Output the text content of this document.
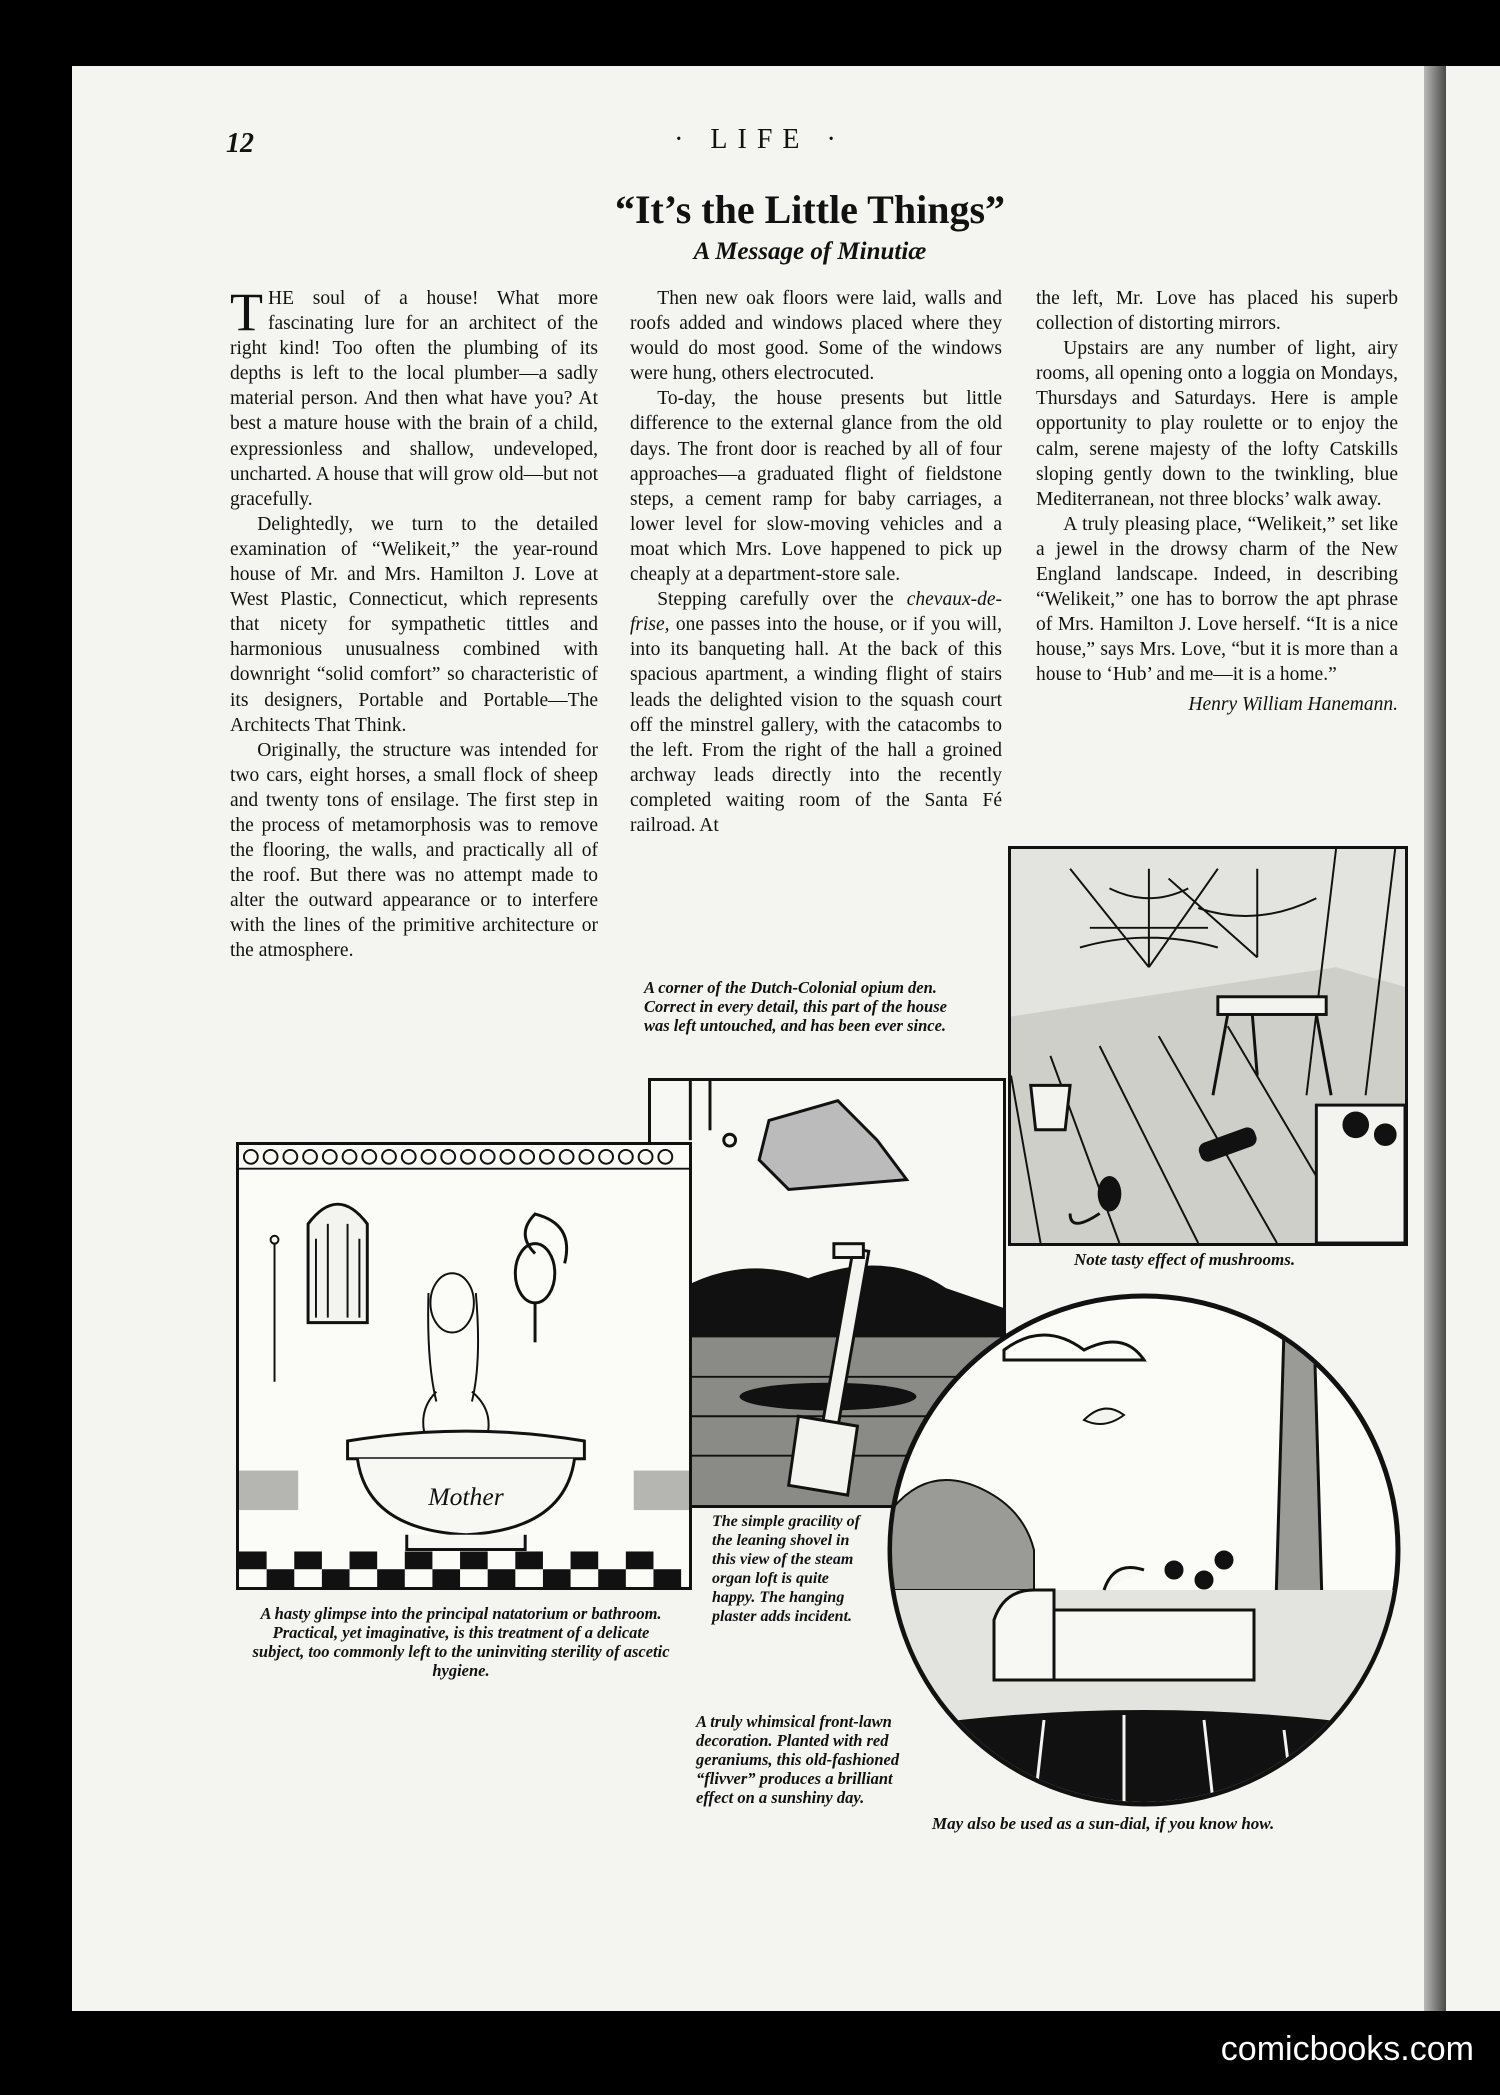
12	· LIFE ·
“It’s the Little Things”
A Message of Minutiæ

THE soul of a house! What more fascinating lure for an architect of the right kind! Too often the plumbing of its depths is left to the local plumber—a sadly material person. And then what have you? At best a mature house with the brain of a child, expressionless and shallow, undeveloped, uncharted. A house that will grow old—but not gracefully.

Delightedly, we turn to the detailed examination of “Welikeit,” the year-round house of Mr. and Mrs. Hamilton J. Love at West Plastic, Connecticut, which represents that nicety for sympathetic tittles and harmonious unusualness combined with downright “solid comfort” so characteristic of its designers, Portable and Portable—The Architects That Think.

Originally, the structure was intended for two cars, eight horses, a small flock of sheep and twenty tons of ensilage. The first step in the process of metamorphosis was to remove the flooring, the walls, and practically all of the roof. But there was no attempt made to alter the outward appearance or to interfere with the lines of the primitive architecture or the atmosphere.

Then new oak floors were laid, walls and roofs added and windows placed where they would do most good. Some of the windows were hung, others electrocuted.

To-day, the house presents but little difference to the external glance from the old days. The front door is reached by all of four approaches—a graduated flight of fieldstone steps, a cement ramp for baby carriages, a lower level for slow-moving vehicles and a moat which Mrs. Love happened to pick up cheaply at a department-store sale.

Stepping carefully over the chevaux-de-frise, one passes into the house, or if you will, into its banqueting hall. At the back of this spacious apartment, a winding flight of stairs leads the delighted vision to the squash court off the minstrel gallery, with the catacombs to the left. From the right of the hall a groined archway leads directly into the recently completed waiting room of the Santa Fé railroad. At

the left, Mr. Love has placed his superb collection of distorting mirrors.

Upstairs are any number of light, airy rooms, all opening onto a loggia on Mondays, Thursdays and Saturdays. Here is ample opportunity to play roulette or to enjoy the calm, serene majesty of the lofty Catskills sloping gently down to the twinkling, blue Mediterranean, not three blocks’ walk away.

A truly pleasing place, “Welikeit,” set like a jewel in the drowsy charm of the New England landscape. Indeed, in describing “Welikeit,” one has to borrow the apt phrase of Mrs. Hamilton J. Love herself. “It is a nice house,” says Mrs. Love, “but it is more than a house to ‘Hub’ and me—it is a home.”

Henry William Hanemann.

A corner of the Dutch-Colonial opium den. Correct in every detail, this part of the house was left untouched, and has been ever since.
Note tasty effect of mushrooms.
The simple gracility of the leaning shovel in this view of the steam organ loft is quite happy. The hanging plaster adds incident.
Mother
A hasty glimpse into the principal natatorium or bathroom. Practical, yet imaginative, is this treatment of a delicate subject, too commonly left to the uninviting sterility of ascetic hygiene.
A truly whimsical front-lawn decoration. Planted with red geraniums, this old-fashioned “flivver” produces a brilliant effect on a sunshiny day.
May also be used as a sun-dial, if you know how.
comicbooks.com
